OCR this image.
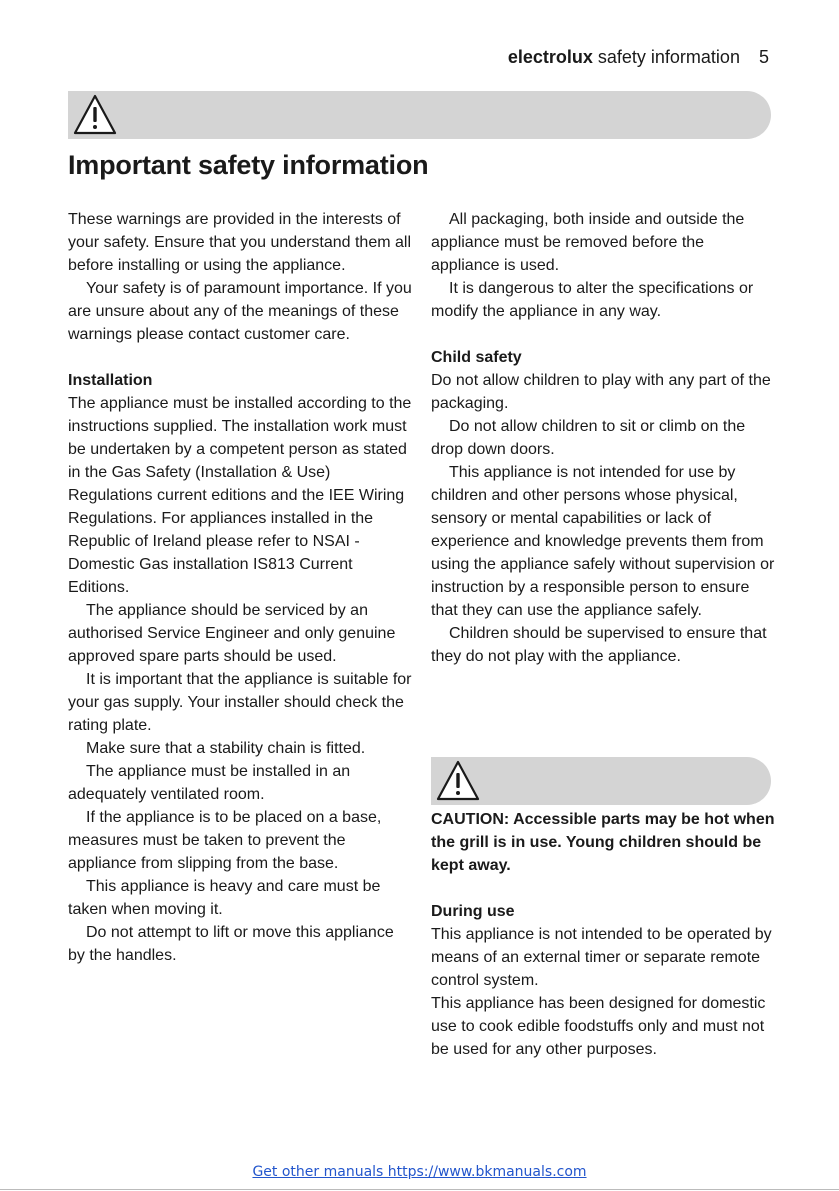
electrolux safety information 5
Important safety information

These warnings are provided in the interests of your safety. Ensure that you understand them all before installing or using the appliance.

Your safety is of paramount importance. If you are unsure about any of the meanings of these warnings please contact customer care.

Installation

The appliance must be installed according to the instructions supplied. The installation work must be undertaken by a competent person as stated in the Gas Safety (Installation & Use) Regulations current editions and the IEE Wiring Regulations. For appliances installed in the Republic of Ireland please refer to NSAI - Domestic Gas installation IS813 Current Editions.

The appliance should be serviced by an authorised Service Engineer and only genuine approved spare parts should be used.

It is important that the appliance is suitable for your gas supply. Your installer should check the rating plate.

Make sure that a stability chain is fitted.

The appliance must be installed in an adequately ventilated room.

If the appliance is to be placed on a base, measures must be taken to prevent the appliance from slipping from the base.

This appliance is heavy and care must be taken when moving it.

Do not attempt to lift or move this appliance by the handles.

All packaging, both inside and outside the appliance must be removed before the appliance is used.

It is dangerous to alter the specifications or modify the appliance in any way.

Child safety

Do not allow children to play with any part of the packaging.

Do not allow children to sit or climb on the drop down doors.

This appliance is not intended for use by children and other persons whose physical, sensory or mental capabilities or lack of experience and knowledge prevents them from using the appliance safely without supervision or instruction by a responsible person to ensure that they can use the appliance safely.

Children should be supervised to ensure that they do not play with the appliance.

CAUTION: Accessible parts may be hot when the grill is in use. Young children should be kept away.

During use

This appliance is not intended to be operated by means of an external timer or separate remote control system.

This appliance has been designed for domestic use to cook edible foodstuffs only and must not be used for any other purposes.

Get other manuals https://www.bkmanuals.com
